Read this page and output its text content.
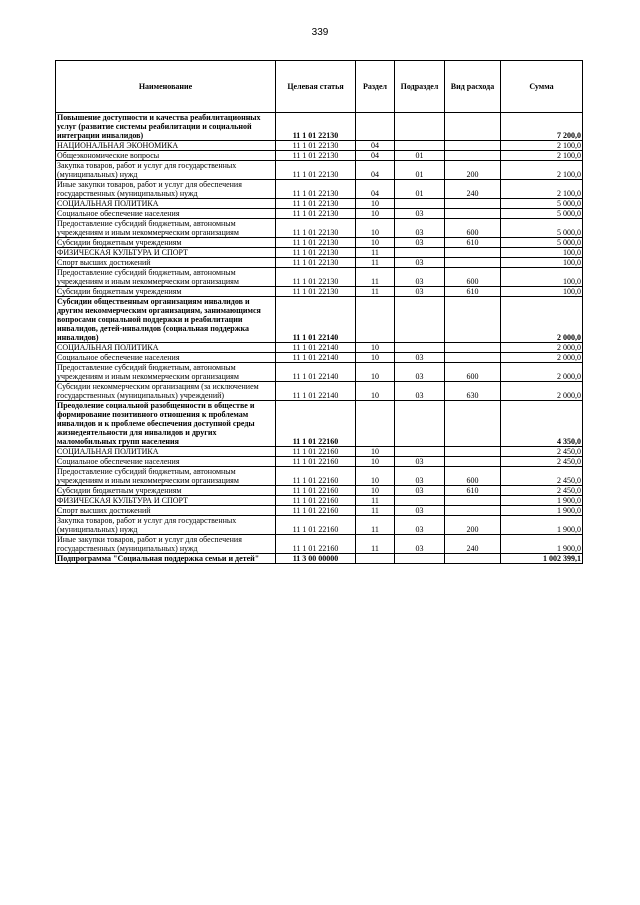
339
Наименование	Целевая статья	Раздел	Подраздел	Вид расхода	Сумма
Повышение доступности и качества реабилитационных услуг (развитие системы реабилитации и социальной интеграции инвалидов)	11 1 01 22130				7 200,0
НАЦИОНАЛЬНАЯ ЭКОНОМИКА	11 1 01 22130	04			2 100,0
Общеэкономические вопросы	11 1 01 22130	04	01		2 100,0
Закупка товаров, работ и услуг для государственных (муниципальных) нужд	11 1 01 22130	04	01	200	2 100,0
Иные закупки товаров, работ и услуг для обеспечения государственных (муниципальных) нужд	11 1 01 22130	04	01	240	2 100,0
СОЦИАЛЬНАЯ ПОЛИТИКА	11 1 01 22130	10			5 000,0
Социальное обеспечение населения	11 1 01 22130	10	03		5 000,0
Предоставление субсидий бюджетным, автономным учреждениям и иным некоммерческим организациям	11 1 01 22130	10	03	600	5 000,0
Субсидии бюджетным учреждениям	11 1 01 22130	10	03	610	5 000,0
ФИЗИЧЕСКАЯ КУЛЬТУРА И СПОРТ	11 1 01 22130	11			100,0
Спорт высших достижений	11 1 01 22130	11	03		100,0
Предоставление субсидий бюджетным, автономным учреждениям и иным некоммерческим организациям	11 1 01 22130	11	03	600	100,0
Субсидии бюджетным учреждениям	11 1 01 22130	11	03	610	100,0
Субсидии общественным организациям инвалидов и другим некоммерческим организациям, занимающимся вопросами социальной поддержки и реабилитации инвалидов, детей-инвалидов (социальная поддержка инвалидов)	11 1 01 22140				2 000,0
СОЦИАЛЬНАЯ ПОЛИТИКА	11 1 01 22140	10			2 000,0
Социальное обеспечение населения	11 1 01 22140	10	03		2 000,0
Предоставление субсидий бюджетным, автономным учреждениям и иным некоммерческим организациям	11 1 01 22140	10	03	600	2 000,0
Субсидии некоммерческим организациям (за исключением государственных (муниципальных) учреждений)	11 1 01 22140	10	03	630	2 000,0
Преодоление социальной разобщенности в обществе и формирование позитивного отношения к проблемам инвалидов и к проблеме обеспечения доступной среды жизнедеятельности для инвалидов и других маломобильных групп населения	11 1 01 22160				4 350,0
СОЦИАЛЬНАЯ ПОЛИТИКА	11 1 01 22160	10			2 450,0
Социальное обеспечение населения	11 1 01 22160	10	03		2 450,0
Предоставление субсидий бюджетным, автономным учреждениям и иным некоммерческим организациям	11 1 01 22160	10	03	600	2 450,0
Субсидии бюджетным учреждениям	11 1 01 22160	10	03	610	2 450,0
ФИЗИЧЕСКАЯ КУЛЬТУРА И СПОРТ	11 1 01 22160	11			1 900,0
Спорт высших достижений	11 1 01 22160	11	03		1 900,0
Закупка товаров, работ и услуг для государственных (муниципальных) нужд	11 1 01 22160	11	03	200	1 900,0
Иные закупки товаров, работ и услуг для обеспечения государственных (муниципальных) нужд	11 1 01 22160	11	03	240	1 900,0
Подпрограмма "Социальная поддержка семьи и детей"	11 3 00 00000				1 002 399,1
